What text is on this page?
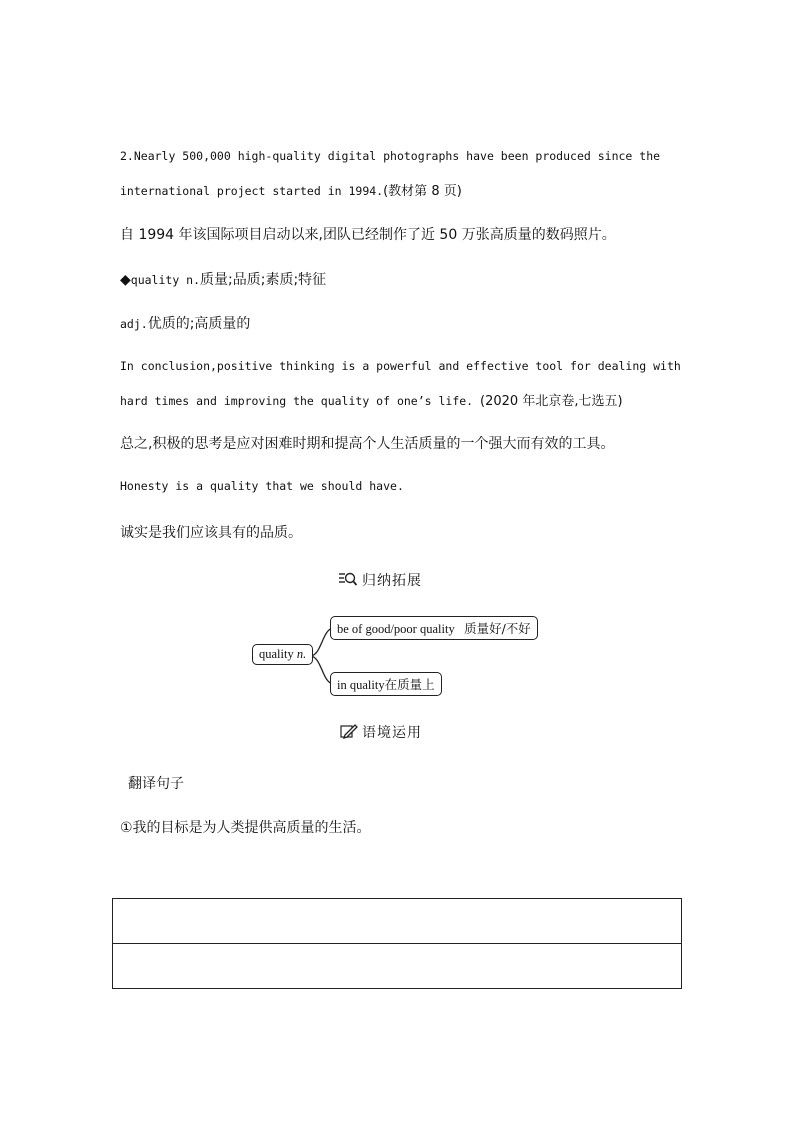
2.Nearly 500,000 high-quality digital photographs have been produced since the
international project started in 1994.(教材第 8 页)
自 1994 年该国际项目启动以来,团队已经制作了近 50 万张高质量的数码照片。
◆quality n.质量;品质;素质;特征
adj.优质的;高质量的
In conclusion,positive thinking is a powerful and effective tool for dealing with
hard times and improving the quality of one’s life. (2020 年北京卷,七选五)
总之,积极的思考是应对困难时期和提高个人生活质量的一个强大而有效的工具。
Honesty is a quality that we should have.
诚实是我们应该具有的品质。
归纳拓展
quality n.
be of good/poor quality 质量好/不好
in quality在质量上
语境运用
翻译句子
①我的目标是为人类提供高质量的生活。
